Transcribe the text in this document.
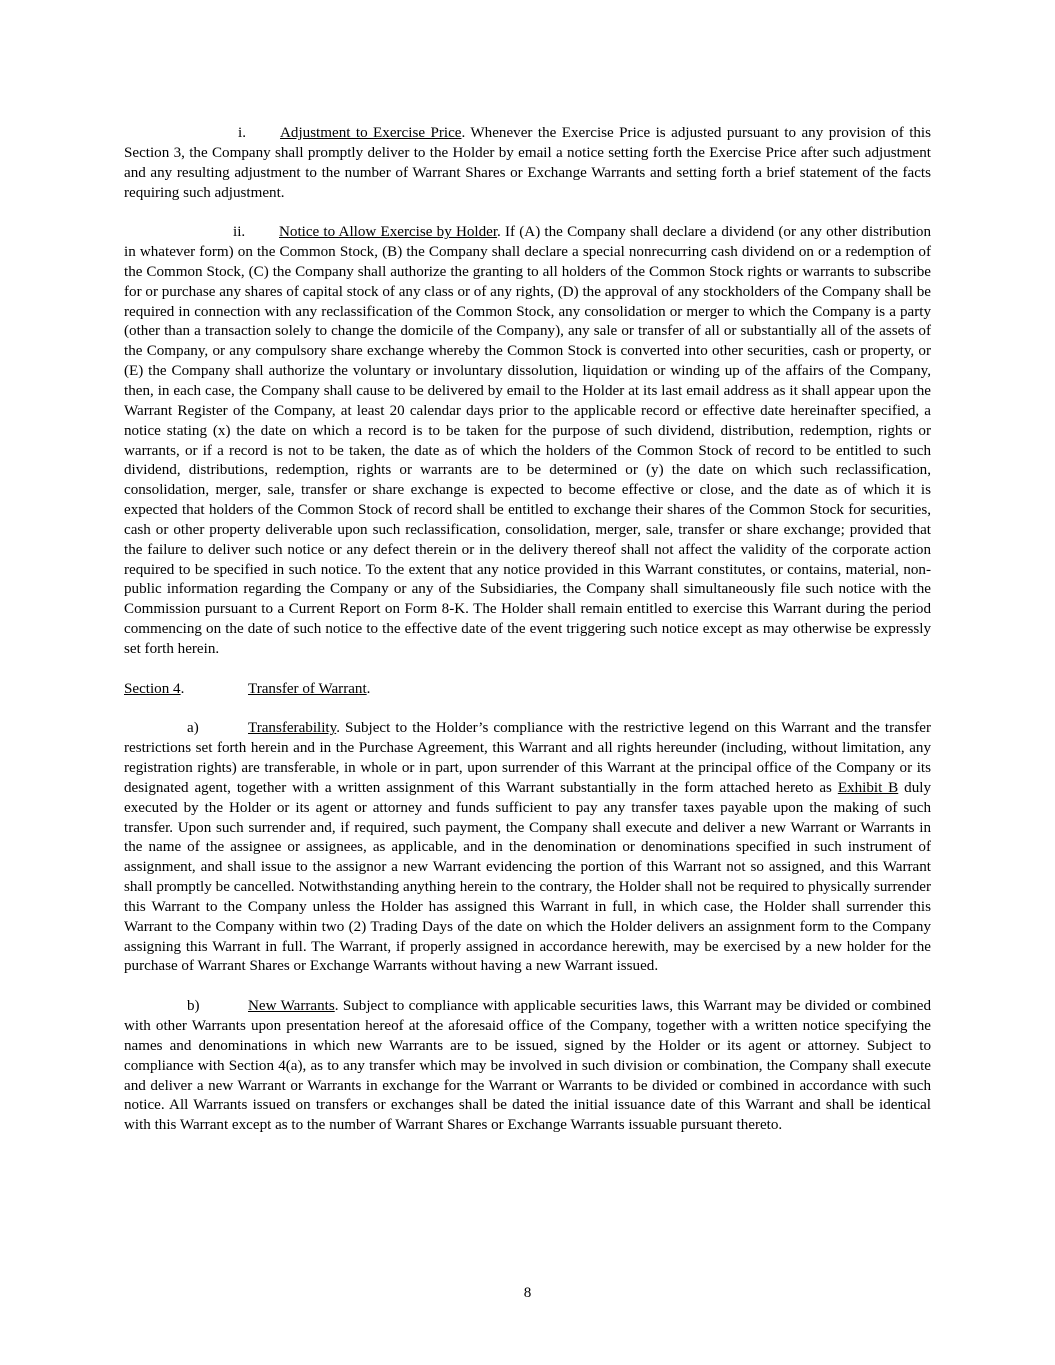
i. Adjustment to Exercise Price. Whenever the Exercise Price is adjusted pursuant to any provision of this Section 3, the Company shall promptly deliver to the Holder by email a notice setting forth the Exercise Price after such adjustment and any resulting adjustment to the number of Warrant Shares or Exchange Warrants and setting forth a brief statement of the facts requiring such adjustment.

ii. Notice to Allow Exercise by Holder. If (A) the Company shall declare a dividend (or any other distribution in whatever form) on the Common Stock, (B) the Company shall declare a special nonrecurring cash dividend on or a redemption of the Common Stock, (C) the Company shall authorize the granting to all holders of the Common Stock rights or warrants to subscribe for or purchase any shares of capital stock of any class or of any rights, (D) the approval of any stockholders of the Company shall be required in connection with any reclassification of the Common Stock, any consolidation or merger to which the Company is a party (other than a transaction solely to change the domicile of the Company), any sale or transfer of all or substantially all of the assets of the Company, or any compulsory share exchange whereby the Common Stock is converted into other securities, cash or property, or (E) the Company shall authorize the voluntary or involuntary dissolution, liquidation or winding up of the affairs of the Company, then, in each case, the Company shall cause to be delivered by email to the Holder at its last email address as it shall appear upon the Warrant Register of the Company, at least 20 calendar days prior to the applicable record or effective date hereinafter specified, a notice stating (x) the date on which a record is to be taken for the purpose of such dividend, distribution, redemption, rights or warrants, or if a record is not to be taken, the date as of which the holders of the Common Stock of record to be entitled to such dividend, distributions, redemption, rights or warrants are to be determined or (y) the date on which such reclassification, consolidation, merger, sale, transfer or share exchange is expected to become effective or close, and the date as of which it is expected that holders of the Common Stock of record shall be entitled to exchange their shares of the Common Stock for securities, cash or other property deliverable upon such reclassification, consolidation, merger, sale, transfer or share exchange; provided that the failure to deliver such notice or any defect therein or in the delivery thereof shall not affect the validity of the corporate action required to be specified in such notice. To the extent that any notice provided in this Warrant constitutes, or contains, material, non-public information regarding the Company or any of the Subsidiaries, the Company shall simultaneously file such notice with the Commission pursuant to a Current Report on Form 8-K. The Holder shall remain entitled to exercise this Warrant during the period commencing on the date of such notice to the effective date of the event triggering such notice except as may otherwise be expressly set forth herein.

Section 4.	Transfer of Warrant.

a)	Transferability. Subject to the Holder’s compliance with the restrictive legend on this Warrant and the transfer restrictions set forth herein and in the Purchase Agreement, this Warrant and all rights hereunder (including, without limitation, any registration rights) are transferable, in whole or in part, upon surrender of this Warrant at the principal office of the Company or its designated agent, together with a written assignment of this Warrant substantially in the form attached hereto as Exhibit B duly executed by the Holder or its agent or attorney and funds sufficient to pay any transfer taxes payable upon the making of such transfer. Upon such surrender and, if required, such payment, the Company shall execute and deliver a new Warrant or Warrants in the name of the assignee or assignees, as applicable, and in the denomination or denominations specified in such instrument of assignment, and shall issue to the assignor a new Warrant evidencing the portion of this Warrant not so assigned, and this Warrant shall promptly be cancelled. Notwithstanding anything herein to the contrary, the Holder shall not be required to physically surrender this Warrant to the Company unless the Holder has assigned this Warrant in full, in which case, the Holder shall surrender this Warrant to the Company within two (2) Trading Days of the date on which the Holder delivers an assignment form to the Company assigning this Warrant in full. The Warrant, if properly assigned in accordance herewith, may be exercised by a new holder for the purchase of Warrant Shares or Exchange Warrants without having a new Warrant issued.

b)	New Warrants. Subject to compliance with applicable securities laws, this Warrant may be divided or combined with other Warrants upon presentation hereof at the aforesaid office of the Company, together with a written notice specifying the names and denominations in which new Warrants are to be issued, signed by the Holder or its agent or attorney. Subject to compliance with Section 4(a), as to any transfer which may be involved in such division or combination, the Company shall execute and deliver a new Warrant or Warrants in exchange for the Warrant or Warrants to be divided or combined in accordance with such notice. All Warrants issued on transfers or exchanges shall be dated the initial issuance date of this Warrant and shall be identical with this Warrant except as to the number of Warrant Shares or Exchange Warrants issuable pursuant thereto.

8
